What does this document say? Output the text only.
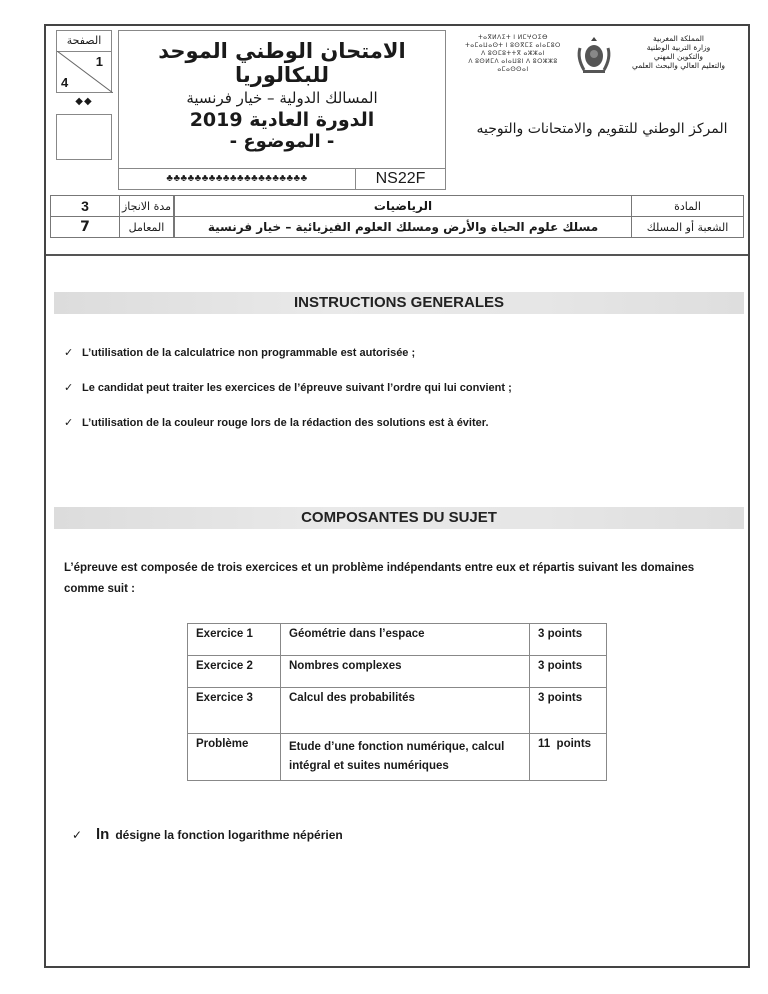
الصفحة
1
4
◆◆
الامتحان الوطني الموحد للبكالوريا
المسالك الدولية – خيار فرنسية
الدورة العادية 2019
- الموضوع -
♣♣♣♣♣♣♣♣♣♣♣♣♣♣♣♣♣♣♣♣	NS22F
ⵜⴰⴳⵍⴷⵉⵜ ⵏ ⵍⵎⵖⵔⵉⴱ
ⵜⴰⵎⴰⵡⴰⵙⵜ ⵏ ⵓⵙⴳⵎⵉ ⴰⵏⴰⵎⵓⵔ
ⴷ ⵓⵙⵎⵓⵜⵜⴳ ⴰⵣⵣⴰⵏ
ⴷ ⵓⵙⵍⵎⴷ ⴰⵏⴰⵡⵓⵏ ⴷ ⵓⵔⵣⵣⵓ ⴰⵎⴰⵙⵙⴰⵏ
المملكة المغربية
وزارة التربية الوطنية
والتكوين المهني
والتعليم العالي والبحث العلمي
المركز الوطني للتقويم والامتحانات والتوجيه
3	مدة الانجاز
7	المعامل
الرياضيات	المادة
مسلك علوم الحياة والأرض ومسلك العلوم الفيزيائية – خيار فرنسية	الشعبة أو المسلك
INSTRUCTIONS GENERALES
✓ L’utilisation de la calculatrice non programmable est autorisée ;
✓ Le candidat peut traiter les exercices de l’épreuve suivant l’ordre qui lui convient ;
✓ L’utilisation de la couleur rouge lors de la rédaction des solutions est à éviter.
COMPOSANTES DU SUJET
L’épreuve est composée de trois exercices et un problème indépendants entre eux et répartis suivant les domaines comme suit :
Exercice 1	Géométrie dans l’espace	3 points
Exercice 2	Nombres complexes	3 points
Exercice 3	Calcul des probabilités	3 points
Problème	Etude d’une fonction numérique, calcul intégral et suites numériques	11  points
✓ ln désigne la fonction logarithme népérien
